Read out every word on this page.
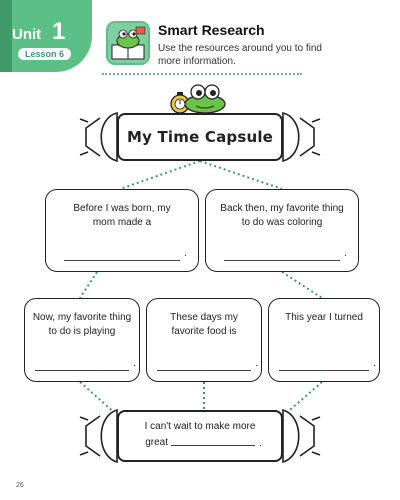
Unit 1
Lesson 6
Smart Research
Use the resources around you to find more information.
My Time Capsule
Before I was born, my mom made a
.
Back then, my favorite thing to do was coloring
.
Now, my favorite thing to do is playing
.
These days my favorite food is
.
This year I turned
.
I can't wait to make more
great	.
26
